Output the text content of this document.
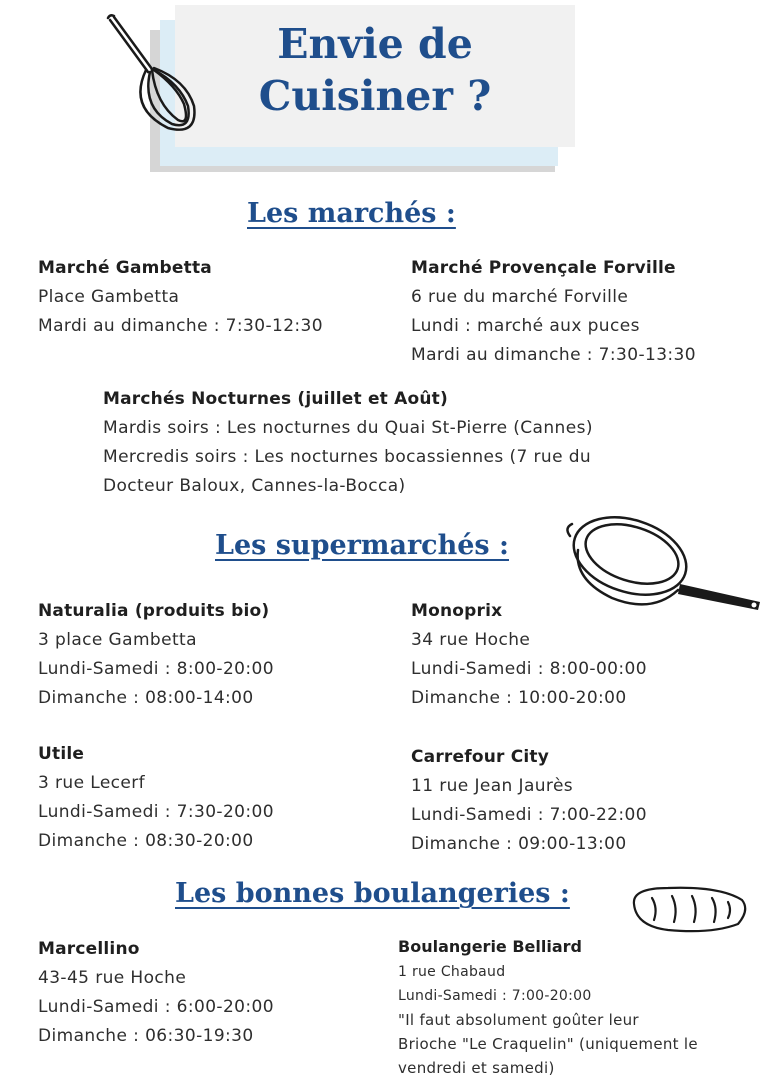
Envie de
Cuisiner ?
Les marchés :
Marché Gambetta
Place Gambetta
Mardi au dimanche : 7:30-12:30
Marché Provençale Forville
6 rue du marché Forville
Lundi : marché aux puces
Mardi au dimanche : 7:30-13:30
Marchés Nocturnes (juillet et Août)
Mardis soirs : Les nocturnes du Quai St-Pierre (Cannes)
Mercredis soirs : Les nocturnes bocassiennes (7 rue du
Docteur Baloux, Cannes-la-Bocca)
Les supermarchés :
Naturalia (produits bio)
3 place Gambetta
Lundi-Samedi : 8:00-20:00
Dimanche : 08:00-14:00
Monoprix
34 rue Hoche
Lundi-Samedi : 8:00-00:00
Dimanche : 10:00-20:00
Utile
3 rue Lecerf
Lundi-Samedi : 7:30-20:00
Dimanche : 08:30-20:00
Carrefour City
11 rue Jean Jaurès
Lundi-Samedi : 7:00-22:00
Dimanche : 09:00-13:00
Les bonnes boulangeries :
Marcellino
43-45 rue Hoche
Lundi-Samedi : 6:00-20:00
Dimanche : 06:30-19:30
Boulangerie Belliard
1 rue Chabaud
Lundi-Samedi : 7:00-20:00
"Il faut absolument goûter leur
Brioche "Le Craquelin" (uniquement le
vendredi et samedi)
